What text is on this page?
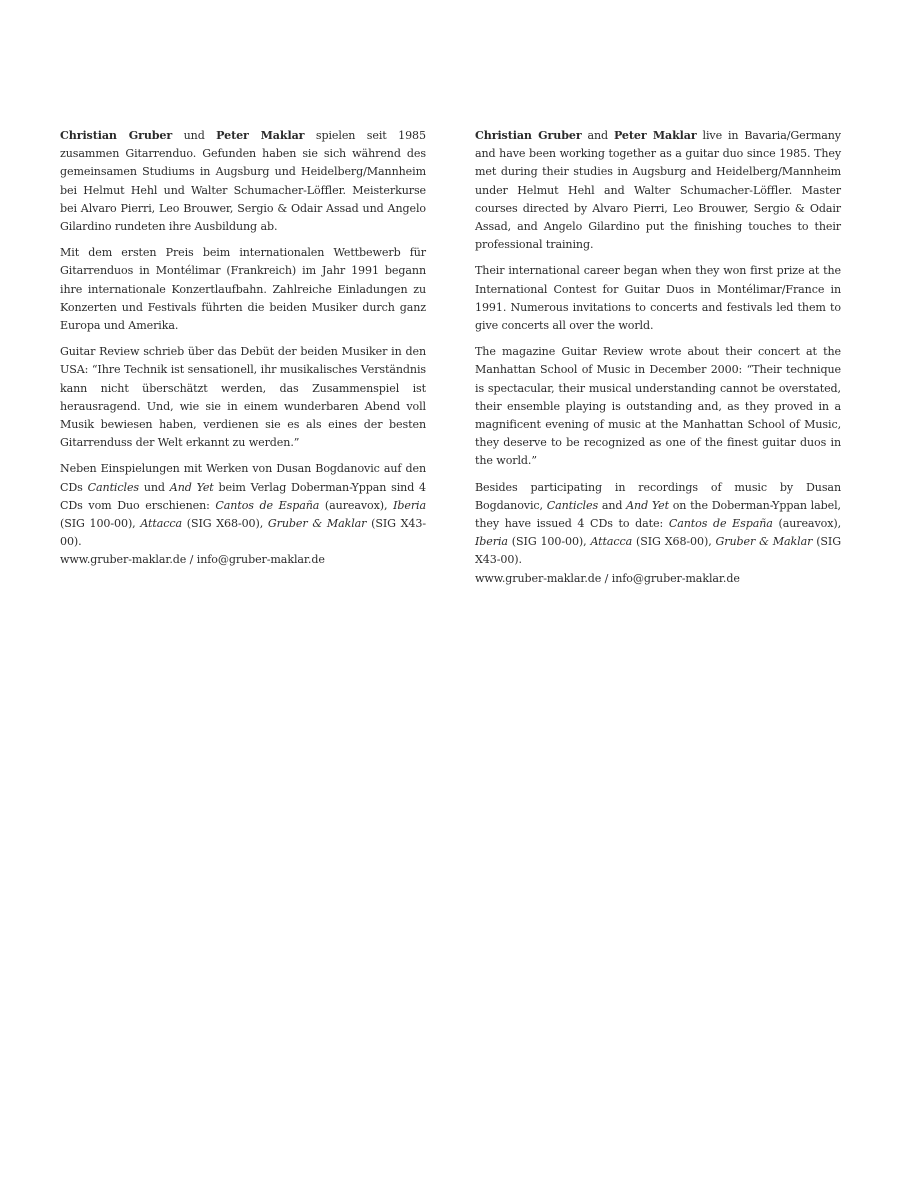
Christian Gruber und Peter Maklar spielen seit 1985 zusammen Gitarrenduo. Gefunden haben sie sich während des gemeinsamen Studiums in Augsburg und Heidelberg/Mannheim bei Helmut Hehl und Walter Schumacher-Löffler. Meisterkurse bei Alvaro Pierri, Leo Brouwer, Sergio & Odair Assad und Angelo Gilardino rundeten ihre Ausbildung ab.

Mit dem ersten Preis beim internationalen Wettbewerb für Gitarrenduos in Montélimar (Frankreich) im Jahr 1991 begann ihre internationale Konzertlaufbahn. Zahlreiche Einladungen zu Konzerten und Festivals führten die beiden Musiker durch ganz Europa und Amerika.

Guitar Review schrieb über das Debüt der beiden Musiker in den USA: “Ihre Technik ist sensationell, ihr musikalisches Verständnis kann nicht überschätzt werden, das Zusammenspiel ist herausragend. Und, wie sie in einem wunderbaren Abend voll Musik bewiesen haben, verdienen sie es als eines der besten Gitarrenduss der Welt erkannt zu werden.”

Neben Einspielungen mit Werken von Dusan Bogdanovic auf den CDs Canticles und And Yet beim Verlag Doberman-Yppan sind 4 CDs vom Duo erschienen: Cantos de España (aureavox), Iberia (SIG 100-00), Attacca (SIG X68-00), Gruber & Maklar (SIG X43-00).

www.gruber-maklar.de / info@gruber-maklar.de

Christian Gruber and Peter Maklar live in Bavaria/Germany and have been working together as a guitar duo since 1985. They met during their studies in Augsburg and Heidelberg/Mannheim under Helmut Hehl and Walter Schumacher-Löffler. Master courses directed by Alvaro Pierri, Leo Brouwer, Sergio & Odair Assad, and Angelo Gilardino put the finishing touches to their professional training.

Their international career began when they won first prize at the International Contest for Guitar Duos in Montélimar/France in 1991. Numerous invitations to concerts and festivals led them to give concerts all over the world.

The magazine Guitar Review wrote about their concert at the Manhattan School of Music in December 2000: “Their technique is spectacular, their musical understanding cannot be overstated, their ensemble playing is outstanding and, as they proved in a magnificent evening of music at the Manhattan School of Music, they deserve to be recognized as one of the finest guitar duos in the world.”

Besides participating in recordings of music by Dusan Bogdanovic, Canticles and And Yet on the Doberman-Yppan label, they have issued 4 CDs to date: Cantos de España (aureavox), Iberia (SIG 100-00), Attacca (SIG X68-00), Gruber & Maklar (SIG X43-00).

www.gruber-maklar.de / info@gruber-maklar.de
